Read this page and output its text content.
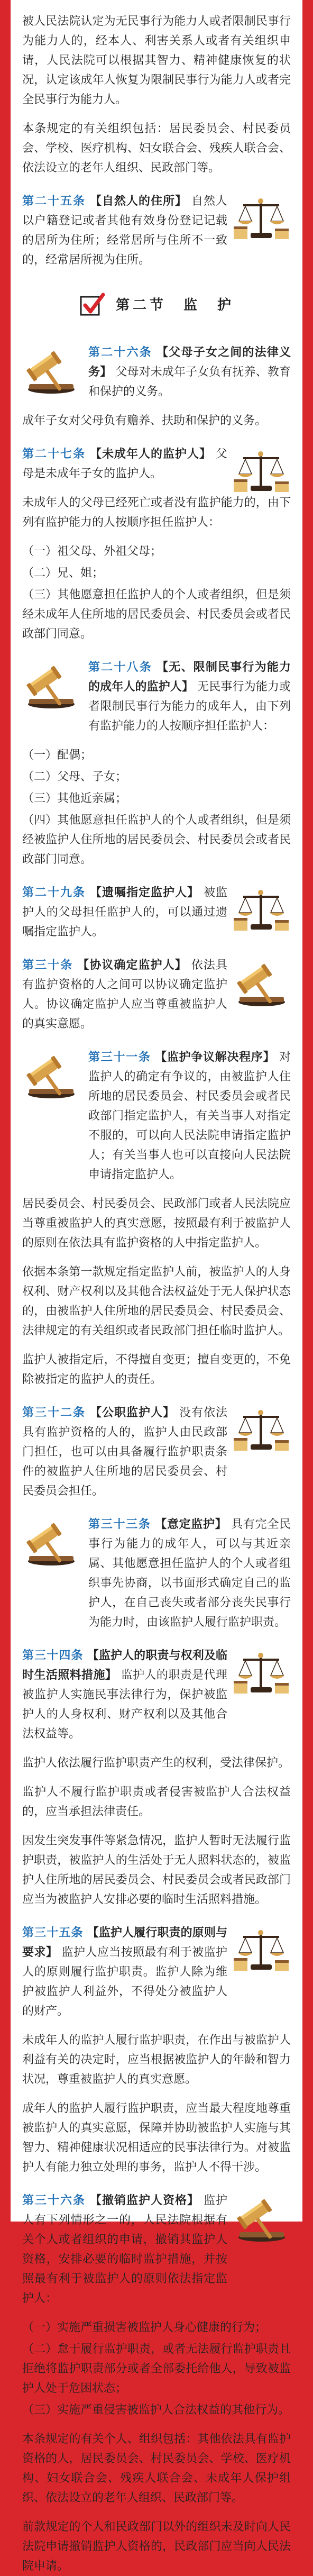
被人民法院认定为无民事行为能力人或者限制民事行为能力人的，经本人、利害关系人或者有关组织申请，人民法院可以根据其智力、精神健康恢复的状况，认定该成年人恢复为限制民事行为能力人或者完全民事行为能力人。

本条规定的有关组织包括：居民委员会、村民委员会、学校、医疗机构、妇女联合会、残疾人联合会、依法设立的老年人组织、民政部门等。

第二十五条 【自然人的住所】 自然人以户籍登记或者其他有效身份登记记载的居所为住所；经常居所与住所不一致的，经常居所视为住所。

第二节　监　护

第二十六条 【父母子女之间的法律义务】 父母对未成年子女负有抚养、教育和保护的义务。

成年子女对父母负有赡养、扶助和保护的义务。

第二十七条 【未成年人的监护人】 父母是未成年子女的监护人。

未成年人的父母已经死亡或者没有监护能力的，由下列有监护能力的人按顺序担任监护人：

（一）祖父母、外祖父母；

（二）兄、姐；

（三）其他愿意担任监护人的个人或者组织，但是须经未成年人住所地的居民委员会、村民委员会或者民政部门同意。

第二十八条 【无、限制民事行为能力的成年人的监护人】 无民事行为能力或者限制民事行为能力的成年人，由下列有监护能力的人按顺序担任监护人：

（一）配偶；

（二）父母、子女；

（三）其他近亲属；

（四）其他愿意担任监护人的个人或者组织，但是须经被监护人住所地的居民委员会、村民委员会或者民政部门同意。

第二十九条 【遗嘱指定监护人】 被监护人的父母担任监护人的，可以通过遗嘱指定监护人。

第三十条 【协议确定监护人】 依法具有监护资格的人之间可以协议确定监护人。协议确定监护人应当尊重被监护人的真实意愿。

第三十一条 【监护争议解决程序】 对监护人的确定有争议的，由被监护人住所地的居民委员会、村民委员会或者民政部门指定监护人，有关当事人对指定不服的，可以向人民法院申请指定监护人；有关当事人也可以直接向人民法院申请指定监护人。

居民委员会、村民委员会、民政部门或者人民法院应当尊重被监护人的真实意愿，按照最有利于被监护人的原则在依法具有监护资格的人中指定监护人。

依据本条第一款规定指定监护人前，被监护人的人身权利、财产权利以及其他合法权益处于无人保护状态的，由被监护人住所地的居民委员会、村民委员会、法律规定的有关组织或者民政部门担任临时监护人。

监护人被指定后，不得擅自变更；擅自变更的，不免除被指定的监护人的责任。

第三十二条 【公职监护人】 没有依法具有监护资格的人的，监护人由民政部门担任，也可以由具备履行监护职责条件的被监护人住所地的居民委员会、村民委员会担任。

第三十三条 【意定监护】 具有完全民事行为能力的成年人，可以与其近亲属、其他愿意担任监护人的个人或者组织事先协商，以书面形式确定自己的监护人，在自己丧失或者部分丧失民事行为能力时，由该监护人履行监护职责。

第三十四条 【监护人的职责与权利及临时生活照料措施】 监护人的职责是代理被监护人实施民事法律行为，保护被监护人的人身权利、财产权利以及其他合法权益等。

监护人依法履行监护职责产生的权利，受法律保护。

监护人不履行监护职责或者侵害被监护人合法权益的，应当承担法律责任。

因发生突发事件等紧急情况，监护人暂时无法履行监护职责，被监护人的生活处于无人照料状态的，被监护人住所地的居民委员会、村民委员会或者民政部门应当为被监护人安排必要的临时生活照料措施。

第三十五条 【监护人履行职责的原则与要求】 监护人应当按照最有利于被监护人的原则履行监护职责。监护人除为维护被监护人利益外，不得处分被监护人的财产。

未成年人的监护人履行监护职责，在作出与被监护人利益有关的决定时，应当根据被监护人的年龄和智力状况，尊重被监护人的真实意愿。

成年人的监护人履行监护职责，应当最大程度地尊重被监护人的真实意愿，保障并协助被监护人实施与其智力、精神健康状况相适应的民事法律行为。对被监护人有能力独立处理的事务，监护人不得干涉。

第三十六条 【撤销监护人资格】 监护人有下列情形之一的，人民法院根据有关个人或者组织的申请，撤销其监护人资格，安排必要的临时监护措施，并按照最有利于被监护人的原则依法指定监护人：

（一）实施严重损害被监护人身心健康的行为；

（二）怠于履行监护职责，或者无法履行监护职责且拒绝将监护职责部分或者全部委托给他人，导致被监护人处于危困状态；

（三）实施严重侵害被监护人合法权益的其他行为。

本条规定的有关个人、组织包括：其他依法具有监护资格的人，居民委员会、村民委员会、学校、医疗机构、妇女联合会、残疾人联合会、未成年人保护组织、依法设立的老年人组织、民政部门等。

前款规定的个人和民政部门以外的组织未及时向人民法院申请撤销监护人资格的，民政部门应当向人民法院申请。
